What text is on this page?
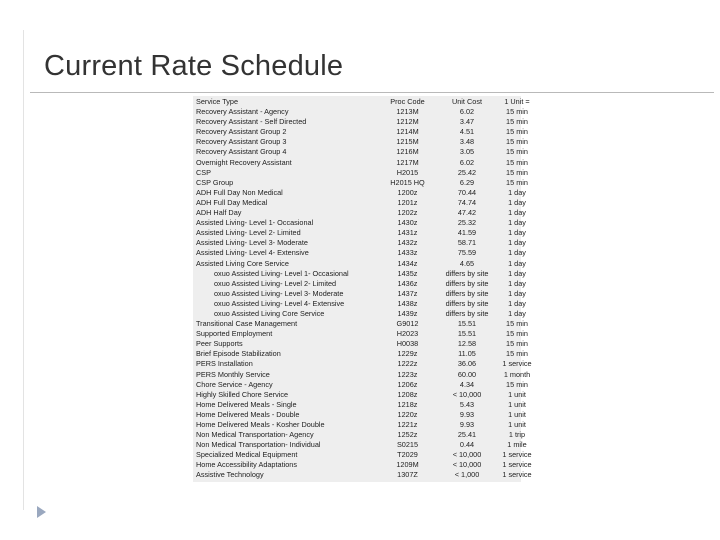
Current Rate Schedule
Service Type	Proc Code	Unit Cost	1 Unit =
Recovery Assistant - Agency	1213M	6.02	15 min
Recovery Assistant - Self Directed	1212M	3.47	15 min
Recovery Assistant Group 2	1214M	4.51	15 min
Recovery Assistant Group 3	1215M	3.48	15 min
Recovery Assistant Group 4	1216M	3.05	15 min
Overnight Recovery Assistant	1217M	6.02	15 min
CSP	H2015	25.42	15 min
CSP Group	H2015 HQ	6.29	15 min
ADH Full Day Non Medical	1200z	70.44	1 day
ADH Full Day Medical	1201z	74.74	1 day
ADH Half Day	1202z	47.42	1 day
Assisted Living- Level 1- Occasional	1430z	25.32	1 day
Assisted Living- Level 2- Limited	1431z	41.59	1 day
Assisted Living- Level 3- Moderate	1432z	58.71	1 day
Assisted Living- Level 4- Extensive	1433z	75.59	1 day
Assisted Living Core Service	1434z	4.65	1 day
oxuo Assisted Living- Level 1- Occasional	1435z	differs by site	1 day
oxuo Assisted Living- Level 2- Limited	1436z	differs by site	1 day
oxuo Assisted Living- Level 3- Moderate	1437z	differs by site	1 day
oxuo Assisted Living- Level 4- Extensive	1438z	differs by site	1 day
oxuo Assisted Living Core Service	1439z	differs by site	1 day
Transitional Case Management	G9012	15.51	15 min
Supported Employment	H2023	15.51	15 min
Peer Supports	H0038	12.58	15 min
Brief Episode Stabilization	1229z	11.05	15 min
PERS Installation	1222z	36.06	1 service
PERS Monthly Service	1223z	60.00	1 month
Chore Service - Agency	1206z	4.34	15 min
Highly Skilled Chore Service	1208z	< 10,000	1 unit
Home Delivered Meals - Single	1218z	5.43	1 unit
Home Delivered Meals - Double	1220z	9.93	1 unit
Home Delivered Meals - Kosher Double	1221z	9.93	1 unit
Non Medical Transportation- Agency	1252z	25.41	1 trip
Non Medical Transportation- Individual	S0215	0.44	1 mile
Specialized Medical Equipment	T2029	< 10,000	1 service
Home Accessibility Adaptations	1209M	< 10,000	1 service
Assistive Technology	1307Z	< 1,000	1 service
